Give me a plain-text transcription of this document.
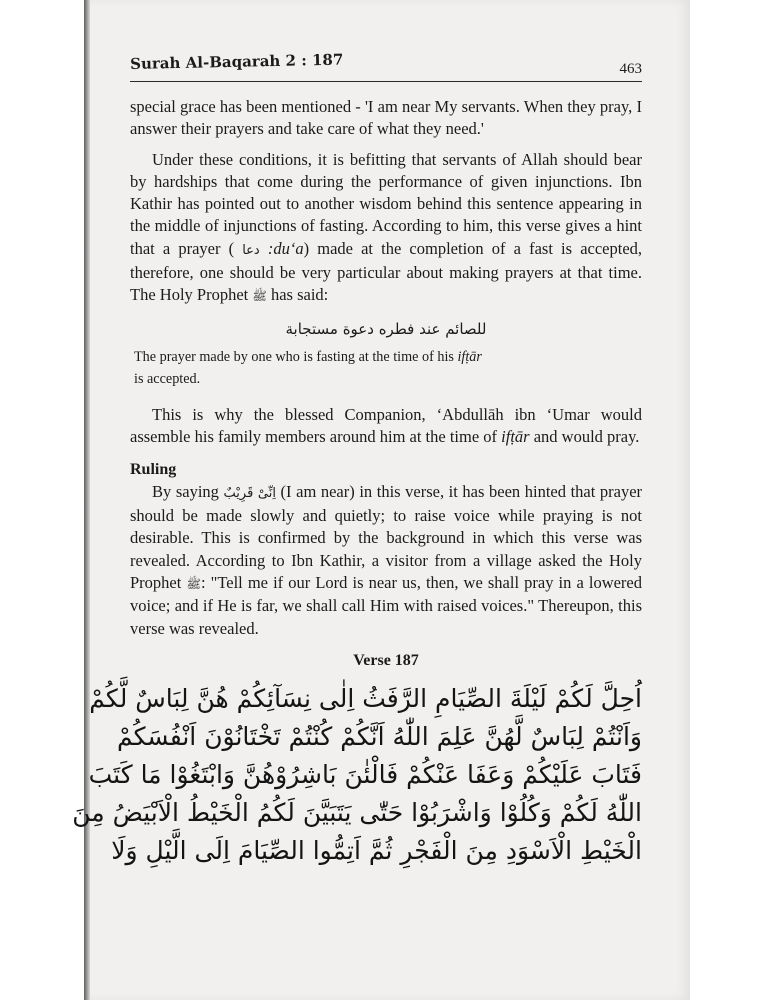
Surah Al-Baqarah 2 : 187	463

special grace has been mentioned - 'I am near My servants. When they pray, I answer their prayers and take care of what they need.'

Under these conditions, it is befitting that servants of Allah should bear by hardships that come during the performance of given injunctions. Ibn Kathir has pointed out to another wisdom behind this sentence appearing in the middle of injunctions of fasting. According to him, this verse gives a hint that a prayer ( دعا :du‘a) made at the completion of a fast is accepted, therefore, one should be very particular about making prayers at that time. The Holy Prophet ﷺ has said:

للصائم عند فطره دعوة مستجابة
The prayer made by one who is fasting at the time of his ifṭār
is accepted.

This is why the blessed Companion, ‘Abdullāh ibn ‘Umar would assemble his family members around him at the time of ifṭār and would pray.

Ruling

By saying اِنِّیْ قَرِیْبٌ (I am near) in this verse, it has been hinted that prayer should be made slowly and quietly; to raise voice while praying is not desirable. This is confirmed by the background in which this verse was revealed. According to Ibn Kathir, a visitor from a village asked the Holy Prophet ﷺ: "Tell me if our Lord is near us, then, we shall pray in a lowered voice; and if He is far, we shall call Him with raised voices." Thereupon, this verse was revealed.

Verse 187
اُحِلَّ لَكُمْ لَيْلَةَ الصِّيَامِ الرَّفَثُ اِلٰى نِسَآئِكُمْ هُنَّ لِبَاسٌ لَّكُمْ
وَاَنْتُمْ لِبَاسٌ لَّهُنَّ عَلِمَ اللّٰهُ اَنَّكُمْ كُنْتُمْ تَخْتَانُوْنَ اَنْفُسَكُمْ
فَتَابَ عَلَيْكُمْ وَعَفَا عَنْكُمْ فَالْئٰنَ بَاشِرُوْهُنَّ وَابْتَغُوْا مَا كَتَبَ
اللّٰهُ لَكُمْ وَكُلُوْا وَاشْرَبُوْا حَتّٰى يَتَبَيَّنَ لَكُمُ الْخَيْطُ الْاَبْيَضُ مِنَ
الْخَيْطِ الْاَسْوَدِ مِنَ الْفَجْرِ ثُمَّ اَتِمُّوا الصِّيَامَ اِلَى الَّيْلِ وَلَا
